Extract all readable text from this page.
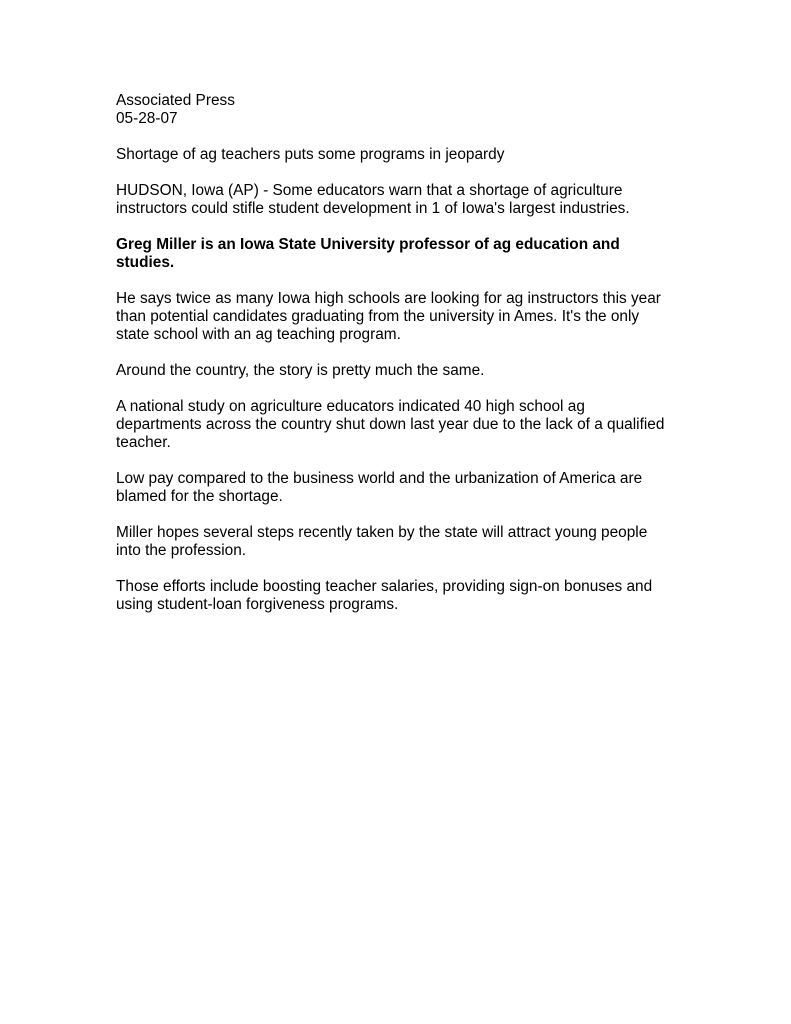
Associated Press
05-28-07
Shortage of ag teachers puts some programs in jeopardy
HUDSON, Iowa (AP) - Some educators warn that a shortage of agriculture
instructors could stifle student development in 1 of Iowa's largest industries.
Greg Miller is an Iowa State University professor of ag education and
studies.
He says twice as many Iowa high schools are looking for ag instructors this year
than potential candidates graduating from the university in Ames. It's the only
state school with an ag teaching program.
Around the country, the story is pretty much the same.
A national study on agriculture educators indicated 40 high school ag
departments across the country shut down last year due to the lack of a qualified
teacher.
Low pay compared to the business world and the urbanization of America are
blamed for the shortage.
Miller hopes several steps recently taken by the state will attract young people
into the profession.
Those efforts include boosting teacher salaries, providing sign-on bonuses and
using student-loan forgiveness programs.
